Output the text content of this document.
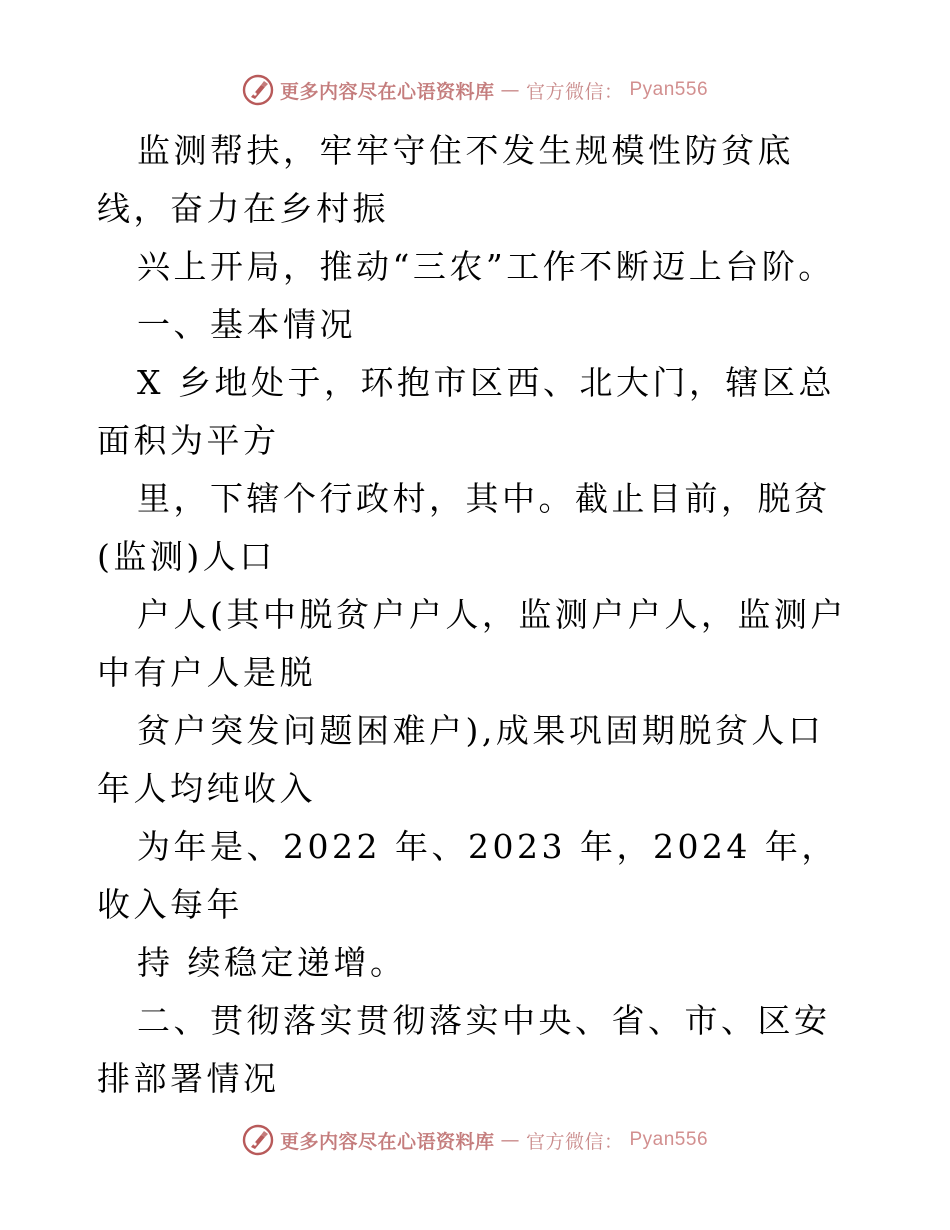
更多内容尽在心语资料库 — 官方微信： Pyan556

监测帮扶，牢牢守住不发生规模性防贫底线，奋力在乡村振

兴上开局，推动“三农”工作不断迈上台阶。

一、基本情况

X 乡地处于，环抱市区西、北大门，辖区总面积为平方

里，下辖个行政村，其中。截止目前，脱贫(监测)人口

户人(其中脱贫户户人，监测户户人，监测户中有户人是脱

贫户突发问题困难户),成果巩固期脱贫人口年人均纯收入

为年是、2022 年、2023 年，2024 年，收入每年

持 续稳定递增。

二、贯彻落实贯彻落实中央、省、市、区安排部署情况

更多内容尽在心语资料库 — 官方微信： Pyan556
